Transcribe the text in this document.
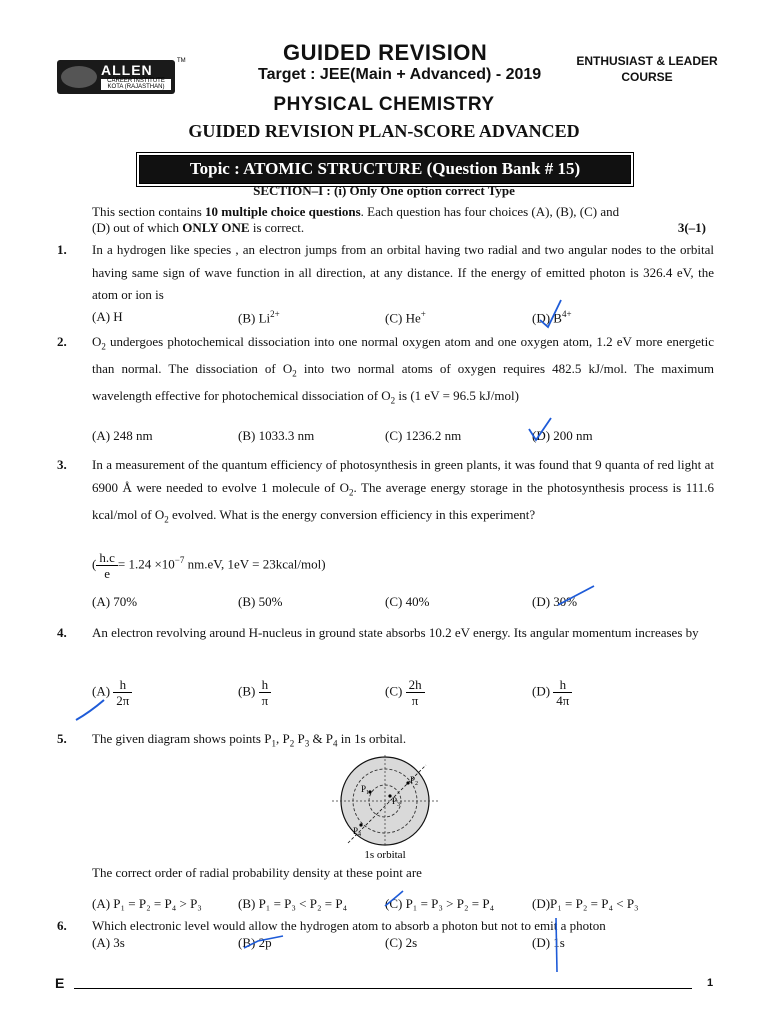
ALLEN
CAREER INSTITUTE KOTA (RAJASTHAN)
TM	GUIDED REVISION
Target : JEE(Main + Advanced) - 2019
ENTHUSIAST & LEADER
COURSE
PHYSICAL CHEMISTRY
GUIDED REVISION PLAN-SCORE ADVANCED
Topic : ATOMIC STRUCTURE (Question Bank # 15)
SECTION–I : (i) Only One option correct Type
This section contains 10 multiple choice questions. Each question has four choices (A), (B), (C) and
(D) out of which ONLY ONE is correct.	3(–1)
1. In a hydrogen like species , an electron jumps from an orbital having two radial and two angular nodes to the orbital having same sign of wave function in all direction, at any distance. If the energy of emitted photon is 326.4 eV, the atom or ion is
(A) H	(B) $Li^{2+}$	(C) He+	(D) $B^{4+}$
2. $O_2$ undergoes photochemical dissociation into one normal oxygen atom and one oxygen atom, 1.2 eV more energetic than normal. The dissociation of $O_2$ into two normal atoms of oxygen requires 482.5 kJ/mol. The maximum wavelength effective for photochemical dissociation of $O_2$ is (1 eV = 96.5 kJ/mol)
(A) 248 nm	(B) 1033.3 nm	(C) 1236.2 nm	(D) 200 nm
3. In a measurement of the quantum efficiency of photosynthesis in green plants, it was found that 9 quanta of red light at 6900 Å were needed to evolve 1 molecule of $O_2$. The average energy storage in the photosynthesis process is 111.6 kcal/mol of $O_2$ evolved. What is the energy conversion efficiency in this experiment?
( $\frac{h.c}{e} = 1.24 \times 10^{-7}$ nm.eV, 1eV = 23kcal/mol)
(A) 70%	(B) 50%	(C) 40%	(D) 30%
4. An electron revolving around H-nucleus in ground state absorbs 10.2 eV energy. Its angular momentum increases by
$(A) \frac{h}{2\pi}$	$(B) \frac{h}{\pi}$	$(C) \frac{2h}{\pi}$	$(D) \frac{h}{4\pi}$
5. The given diagram shows points $P_1$, $P_2$ $P_3$ & $P_4$ in 1s orbital.
$P_1$
$P_3$
$P_2$
$P_4$
1s orbital
The correct order of radial probability density at these point are
(A) P₁ = P₂ = P₄ > P₃	(B) P₁ = P₃ < P₂ = P₄	(C) P₁ = P₃ > P₂ = P₄	(D)P₁ = P₂ = P₄ < P₃
6. Which electronic level would allow the hydrogen atom to absorb a photon but not to emit a photon
(A) 3s	(B) 2p	(C) 2s	(D) 1s
E	1
